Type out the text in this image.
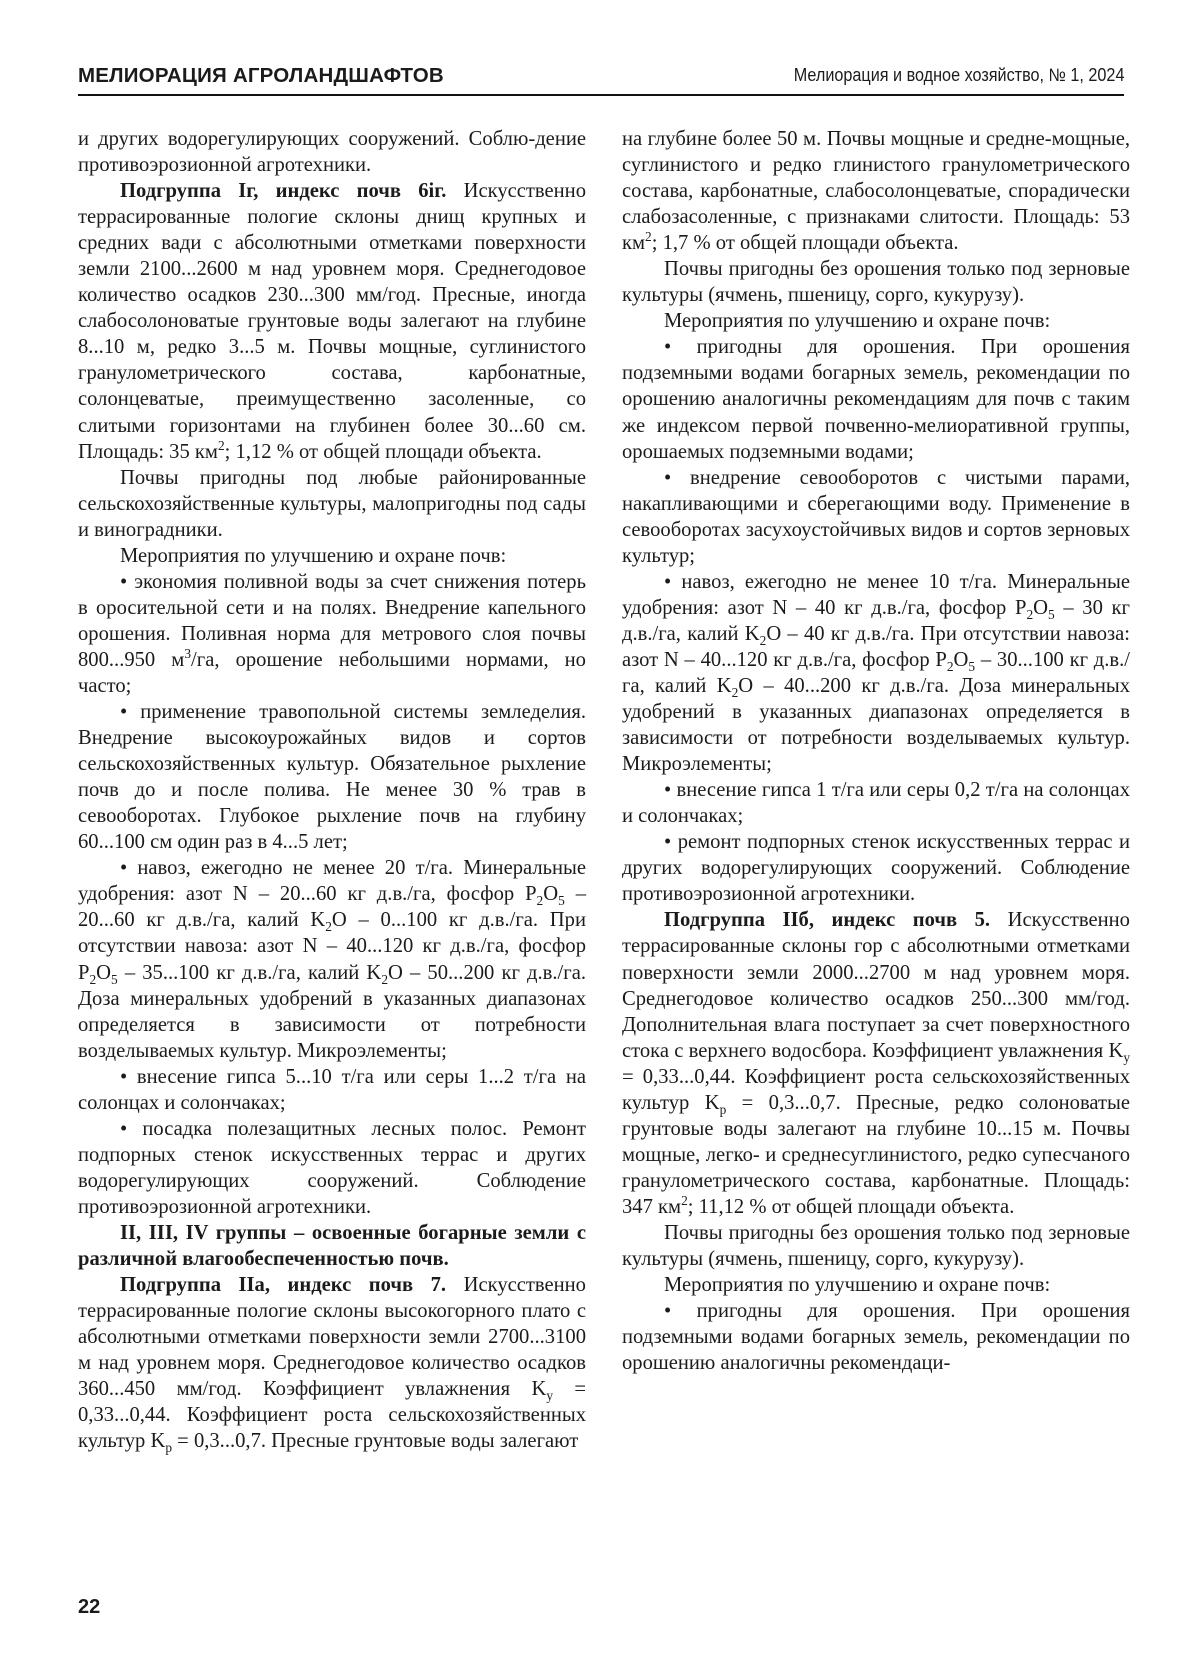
МЕЛИОРАЦИЯ АГРОЛАНДШАФТОВ	Мелиорация и водное хозяйство, № 1, 2024

и других водорегулирующих сооружений. Соблю-дение противоэрозионной агротехники.

Подгруппа Iг, индекс почв 6іг. Искусственно террасированные пологие склоны днищ крупных и средних вади с абсолютными отметками поверхности земли 2100...2600 м над уровнем моря. Среднегодовое количество осадков 230...300 мм/год. Пресные, иногда слабосолоноватые грунтовые воды залегают на глубине 8...10 м, редко 3...5 м. Почвы мощные, суглинистого гранулометрического состава, карбонатные, солонцеватые, преимущественно засоленные, со слитыми горизонтами на глубинен более 30...60 см. Площадь: 35 $км^2$; 1,12 % от общей площади объекта.

Почвы пригодны под любые районированные сельскохозяйственные культуры, малопригодны под сады и виноградники.

Мероприятия по улучшению и охране почв:

• экономия поливной воды за счет снижения потерь в оросительной сети и на полях. Внедрение капельного орошения. Поливная норма для метрового слоя почвы 800...950 $м^3/га$, орошение небольшими нормами, но часто;

• применение травопольной системы земледелия. Внедрение высокоурожайных видов и сортов сельскохозяйственных культур. Обязательное рыхление почв до и после полива. Не менее 30 % трав в севооборотах. Глубокое рыхление почв на глубину 60...100 см один раз в 4...5 лет;

• навоз, ежегодно не менее 20 т/га. Минеральные удобрения: азот N – 20...60 кг д.в./га, фосфор $P_2O_5 - 20...60$ кг д.в./га, калий $K_2O - 0...100$ кг д.в./га. При отсутствии навоза: азот N – 40...120 кг д.в./га, фосфор $P_2O_5 - 35...100$ кг д.в./га, калий $K_2O - 50...200$ кг д.в./га. Доза минеральных удобрений в указанных диапазонах определяется в зависимости от потребности возделываемых культур. Микроэлементы;

• внесение гипса 5...10 т/га или серы 1...2 т/га на солонцах и солончаках;

• посадка полезащитных лесных полос. Ремонт подпорных стенок искусственных террас и других водорегулирующих сооружений. Соблюдение противоэрозионной агротехники.

II, III, IV группы – освоенные богарные земли с различной влагообеспеченностью почв.

Подгруппа IIa, индекс почв 7. Искусственно террасированные пологие склоны высокогорного плато с абсолютными отметками поверхности земли 2700...3100 м над уровнем моря. Среднегодовое количество осадков 360...450 мм/год. Коэффициент увлажнения $K_у = 0,33...0,44$. Коэффициент роста сельскохозяйственных культур $K_р = 0,3...0,7$. Пресные грунтовые воды залегают

на глубине более 50 м. Почвы мощные и средне-мощные, суглинистого и редко глинистого гранулометрического состава, карбонатные, слабосолонцеватые, спорадически слабозасоленные, с признаками слитости. Площадь: 53 $км^2$; 1,7 % от общей площади объекта.

Почвы пригодны без орошения только под зерновые культуры (ячмень, пшеницу, сорго, кукурузу).

Мероприятия по улучшению и охране почв:

• пригодны для орошения. При орошения подземными водами богарных земель, рекомендации по орошению аналогичны рекомендациям для почв с таким же индексом первой почвенно-мелиоративной группы, орошаемых подземными водами;

• внедрение севооборотов с чистыми парами, накапливающими и сберегающими воду. Применение в севооборотах засухоустойчивых видов и сортов зерновых культур;

• навоз, ежегодно не менее 10 т/га. Минеральные удобрения: азот N – 40 кг д.в./га, фосфор $P_2O_5 - 30$ кг д.в./га, калий $K_2O - 40$ кг д.в./га. При отсутствии навоза: азот N – 40...120 кг д.в./га, фосфор $P_2O_5 - 30...100$ кг д.в./га, калий $K_2O - 40...200$ кг д.в./га. Доза минеральных удобрений в указанных диапазонах определяется в зависимости от потребности возделываемых культур. Микроэлементы;

• внесение гипса 1 т/га или серы 0,2 т/га на солонцах и солончаках;

• ремонт подпорных стенок искусственных террас и других водорегулирующих сооружений. Соблюдение противоэрозионной агротехники.

Подгруппа IIб, индекс почв 5. Искусственно террасированные склоны гор с абсолютными отметками поверхности земли 2000...2700 м над уровнем моря. Среднегодовое количество осадков 250...300 мм/год. Дополнительная влага поступает за счет поверхностного стока с верхнего водосбора. Коэффициент увлажнения $K_у = 0,33...0,44$. Коэффициент роста сельскохозяйственных культур $K_р = 0,3...0,7$. Пресные, редко солоноватые грунтовые воды залегают на глубине 10...15 м. Почвы мощные, легко- и среднесуглинистого, редко супесчаного гранулометрического состава, карбонатные. Площадь: 347 $км^2$; 11,12 % от общей площади объекта.

Почвы пригодны без орошения только под зерновые культуры (ячмень, пшеницу, сорго, кукурузу).

Мероприятия по улучшению и охране почв:

• пригодны для орошения. При орошения подземными водами богарных земель, рекомендации по орошению аналогичны рекомендаци-

22
